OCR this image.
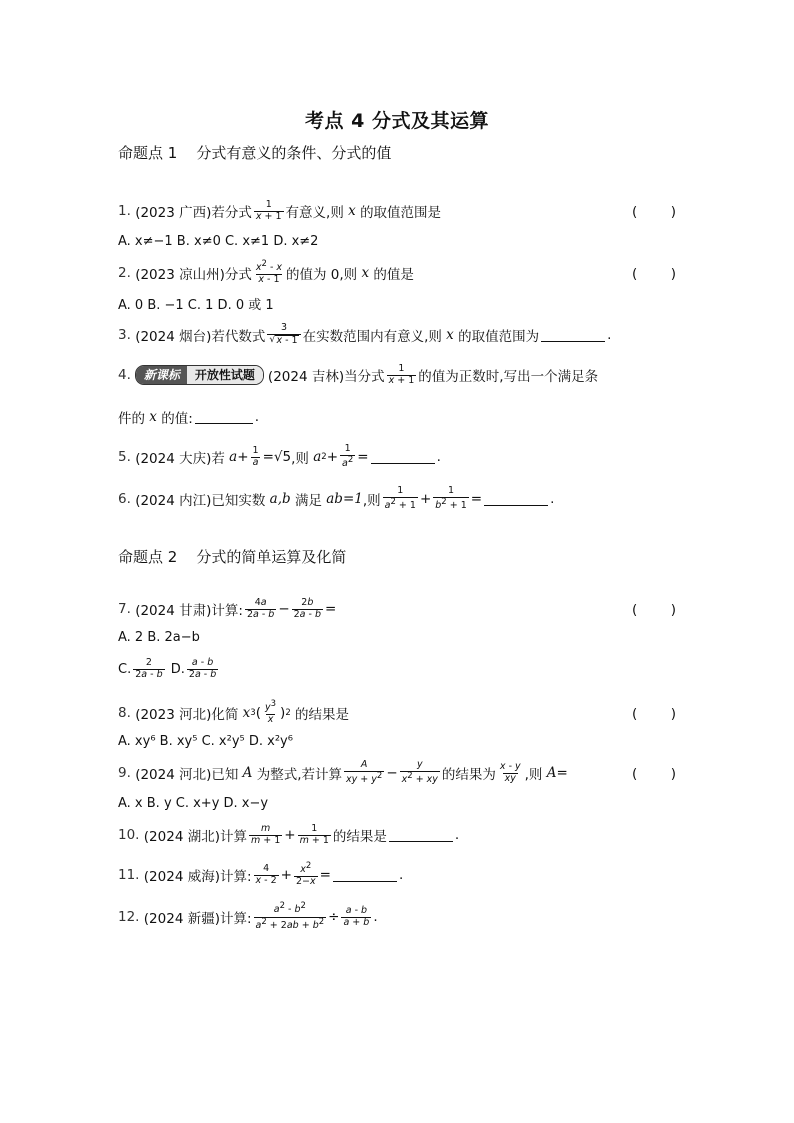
考点 4 分式及其运算
命题点 1 分式有意义的条件、分式的值
1.
(2023 广西) 若分式 $\frac{1}{x + 1}$ 有意义,则
x
的取值范围是	( )
A. x≠−1 B. x≠0 C. x≠1 D. x≠2
2.
(2023 凉山州) 分式 $\frac{x2 - x}{x - 1}$ 的值为 0,则
x
的值是	( )
A. 0 B. −1 C. 1 D. 0 或 1
3.
(2024 烟台) 若代数式 $\frac{3}{√ x - 1}$ 在实数范围内有意义,则
x
的取值范围为	.
4.	新课标	开放性试题 (2024 吉林) 当分式 $\frac{1}{x + 1}$ 的值为正数时,写出一个满足条
件的
x
的值:	.
5.
(2024 大庆) 若
$a + \frac{1}{a} =√5$ ,则
a $2 + \frac{1}{a2}$ =	.
6.
(2024 内江) 已知实数
a,b
满足
ab=1 ,则 $\frac{1}{a2 + 1} + \frac{1}{b2 + 1}$ =	.
命题点 2 分式的简单运算及化简
7.
(2024 甘肃) 计算: $\frac{4a}{2a - b} - \frac{2b}{2a - b}$ =	( )
A. 2 B. 2a−b
C. $\frac{2}{2a - b}$
D. $\frac{a - b}{2a - b}$
8.
(2023 河北) 化简
x 3 ( $\frac{y3}{x}$ ) 2
的结果是	( )
A. xy⁶ B. xy⁵ C. x²y⁵ D. x²y⁶
9.
(2024 河北) 已知
A
为整式,若计算 $\frac{A}{xy + y2} - \frac{y}{x2 + xy}$ 的结果为 $\frac{x - y}{xy}$ ,则
A =	( )
A. x B. y C. x+y D. x−y
10.
(2024 湖北) 计算 $\frac{m}{m + 1} + \frac{1}{m + 1}$ 的结果是	.
11.
(2024 威海) 计算: $\frac{4}{x - 2} + \frac{x2}{2-x}$ =	.
12.
(2024 新疆) 计算: $\frac{a2 - b2}{a2 + 2ab + b2} \div \frac{a - b}{a + b}$ .
